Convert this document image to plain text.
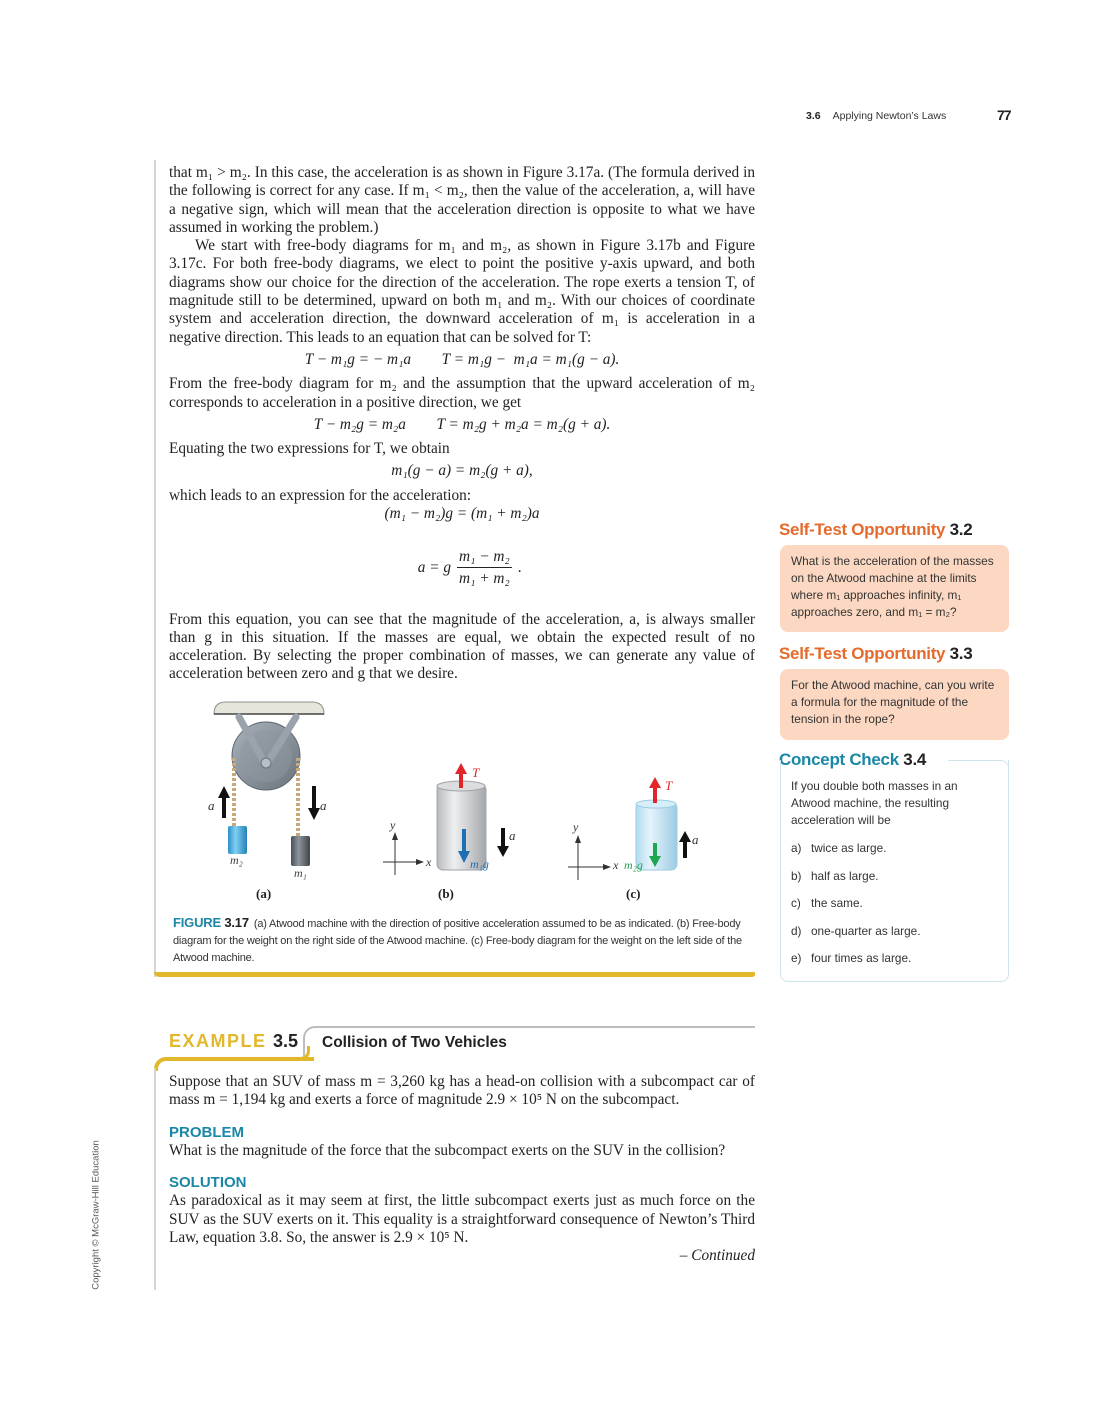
3.6 Applying Newton’s Laws	77

that m₁ > m₂. In this case, the acceleration is as shown in Figure 3.17a. (The formula derived in the following is correct for any case. If m₁ < m₂, then the value of the acceleration, a, will have a negative sign, which will mean that the acceleration direction is opposite to what we have assumed in working the problem.)

We start with free-body diagrams for m₁ and m₂, as shown in Figure 3.17b and Figure 3.17c. For both free-body diagrams, we elect to point the positive y-axis upward, and both diagrams show our choice for the direction of the acceleration. The rope exerts a tension T, of magnitude still to be determined, upward on both m₁ and m₂. With our choices of coordinate system and acceleration direction, the downward acceleration of m₁ is acceleration in a negative direction. This leads to an equation that can be solved for T:

T − m₁g = − m₁a        T = m₁g −  m₁a = m₁(g − a).

From the free-body diagram for m₂ and the assumption that the upward acceleration of m₂ corresponds to acceleration in a positive direction, we get

T − m₂g = m₂a        T = m₂g + m₂a = m₂(g + a).

Equating the two expressions for T, we obtain

m₁(g − a) = m₂(g + a),

which leads to an expression for the acceleration:

(m₁ − m₂)g = (m₁ + m₂)a

a = g $\frac{\text{m₁ − m₂}}{\text{m₁ + m₂}}$ .

From this equation, you can see that the magnitude of the acceleration, a, is always smaller than g in this situation. If the masses are equal, we obtain the expected result of no acceleration. By selecting the proper combination of masses, we can generate any value of acceleration between zero and g that we desire.

a⃗	a⃗
m₂
m₁
(a)
y
x
T
m₁g
a⃗
(b)
y
x
T
m₂g
a⃗
(c)
FIGURE 3.17 (a) Atwood machine with the direction of positive acceleration assumed to be as indicated. (b) Free-body diagram for the weight on the right side of the Atwood machine. (c) Free-body diagram for the weight on the left side of the Atwood machine.
Self-Test Opportunity 3.2
What is the acceleration of the masses on the Atwood machine at the limits where m₁ approaches infinity, m₁ approaches zero, and m₁ = m₂?
Self-Test Opportunity 3.3
For the Atwood machine, can you write a formula for the magnitude of the tension in the rope?
Concept Check 3.4
If you double both masses in an Atwood machine, the resulting acceleration will be
a) twice as large.
b) half as large.
c) the same.
d) one-quarter as large.
e) four times as large.
EXAMPLE 3.5 Collision of Two Vehicles

Suppose that an SUV of mass m = 3,260 kg has a head-on collision with a subcompact car of mass m = 1,194 kg and exerts a force of magnitude 2.9 × 10⁵ N on the subcompact.

PROBLEM

What is the magnitude of the force that the subcompact exerts on the SUV in the collision?

SOLUTION

As paradoxical as it may seem at first, the little subcompact exerts just as much force on the SUV as the SUV exerts on it. This equality is a straightforward consequence of Newton’s Third Law, equation 3.8. So, the answer is 2.9 × 10⁵ N.

– Continued
Copyright © McGraw-Hill Education
